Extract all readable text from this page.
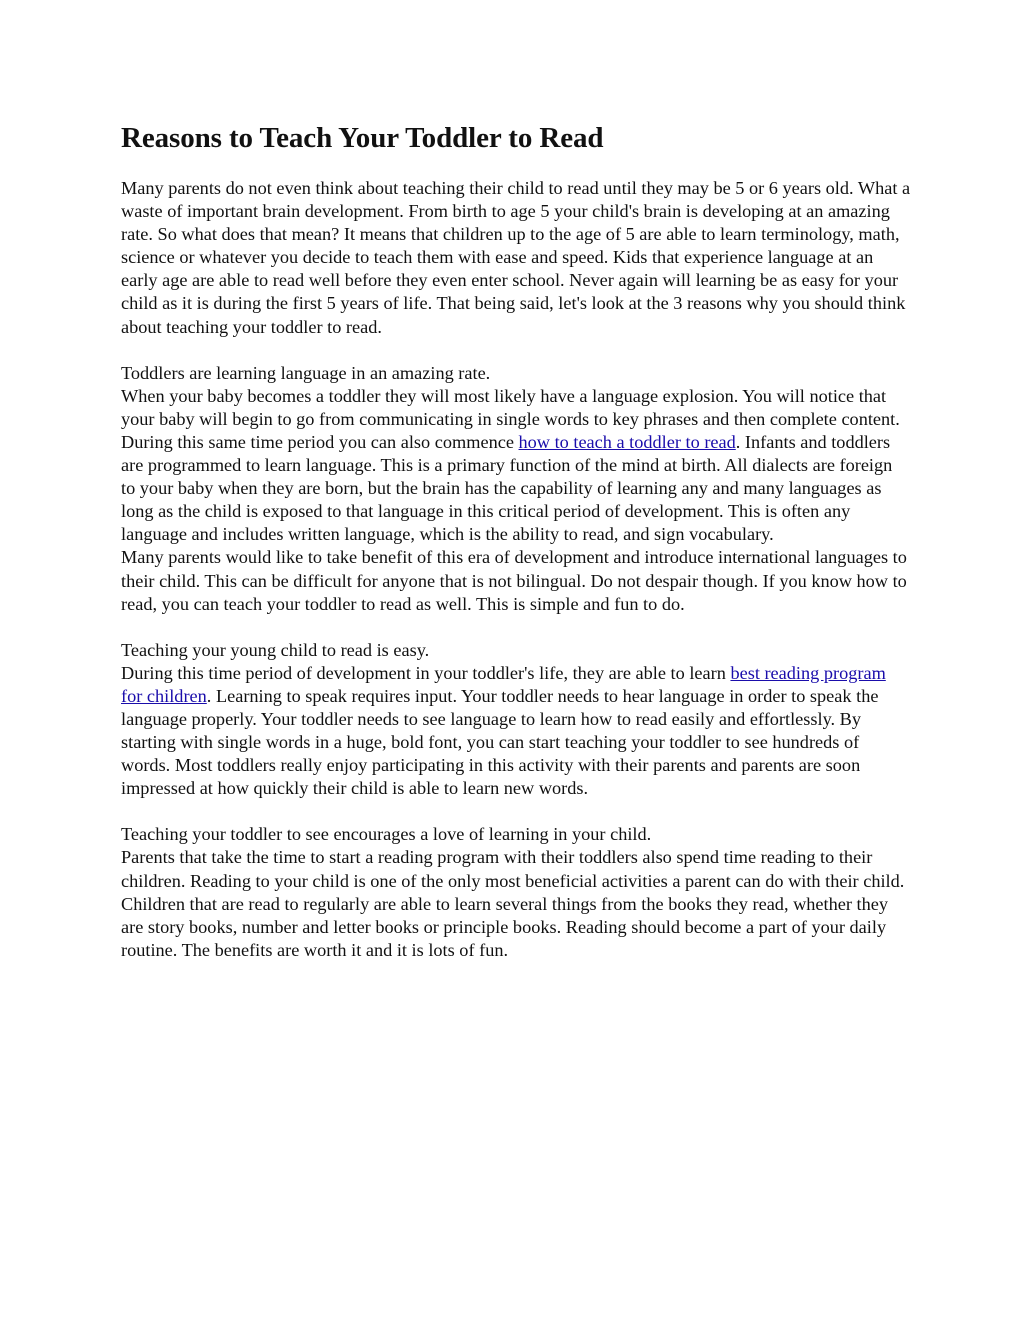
Reasons to Teach Your Toddler to Read

Many parents do not even think about teaching their child to read until they may be 5 or 6 years old. What a waste of important brain development. From birth to age 5 your child's brain is developing at an amazing rate. So what does that mean? It means that children up to the age of 5 are able to learn terminology, math, science or whatever you decide to teach them with ease and speed. Kids that experience language at an early age are able to read well before they even enter school. Never again will learning be as easy for your child as it is during the first 5 years of life. That being said, let's look at the 3 reasons why you should think about teaching your toddler to read.

Toddlers are learning language in an amazing rate.

When your baby becomes a toddler they will most likely have a language explosion. You will notice that your baby will begin to go from communicating in single words to key phrases and then complete content. During this same time period you can also commence how to teach a toddler to read. Infants and toddlers are programmed to learn language. This is a primary function of the mind at birth. All dialects are foreign to your baby when they are born, but the brain has the capability of learning any and many languages as long as the child is exposed to that language in this critical period of development. This is often any language and includes written language, which is the ability to read, and sign vocabulary.

Many parents would like to take benefit of this era of development and introduce international languages to their child. This can be difficult for anyone that is not bilingual. Do not despair though. If you know how to read, you can teach your toddler to read as well. This is simple and fun to do.

Teaching your young child to read is easy.

During this time period of development in your toddler's life, they are able to learn best reading program for children. Learning to speak requires input. Your toddler needs to hear language in order to speak the language properly. Your toddler needs to see language to learn how to read easily and effortlessly. By starting with single words in a huge, bold font, you can start teaching your toddler to see hundreds of words. Most toddlers really enjoy participating in this activity with their parents and parents are soon impressed at how quickly their child is able to learn new words.

Teaching your toddler to see encourages a love of learning in your child.

Parents that take the time to start a reading program with their toddlers also spend time reading to their children. Reading to your child is one of the only most beneficial activities a parent can do with their child. Children that are read to regularly are able to learn several things from the books they read, whether they are story books, number and letter books or principle books. Reading should become a part of your daily routine. The benefits are worth it and it is lots of fun.
